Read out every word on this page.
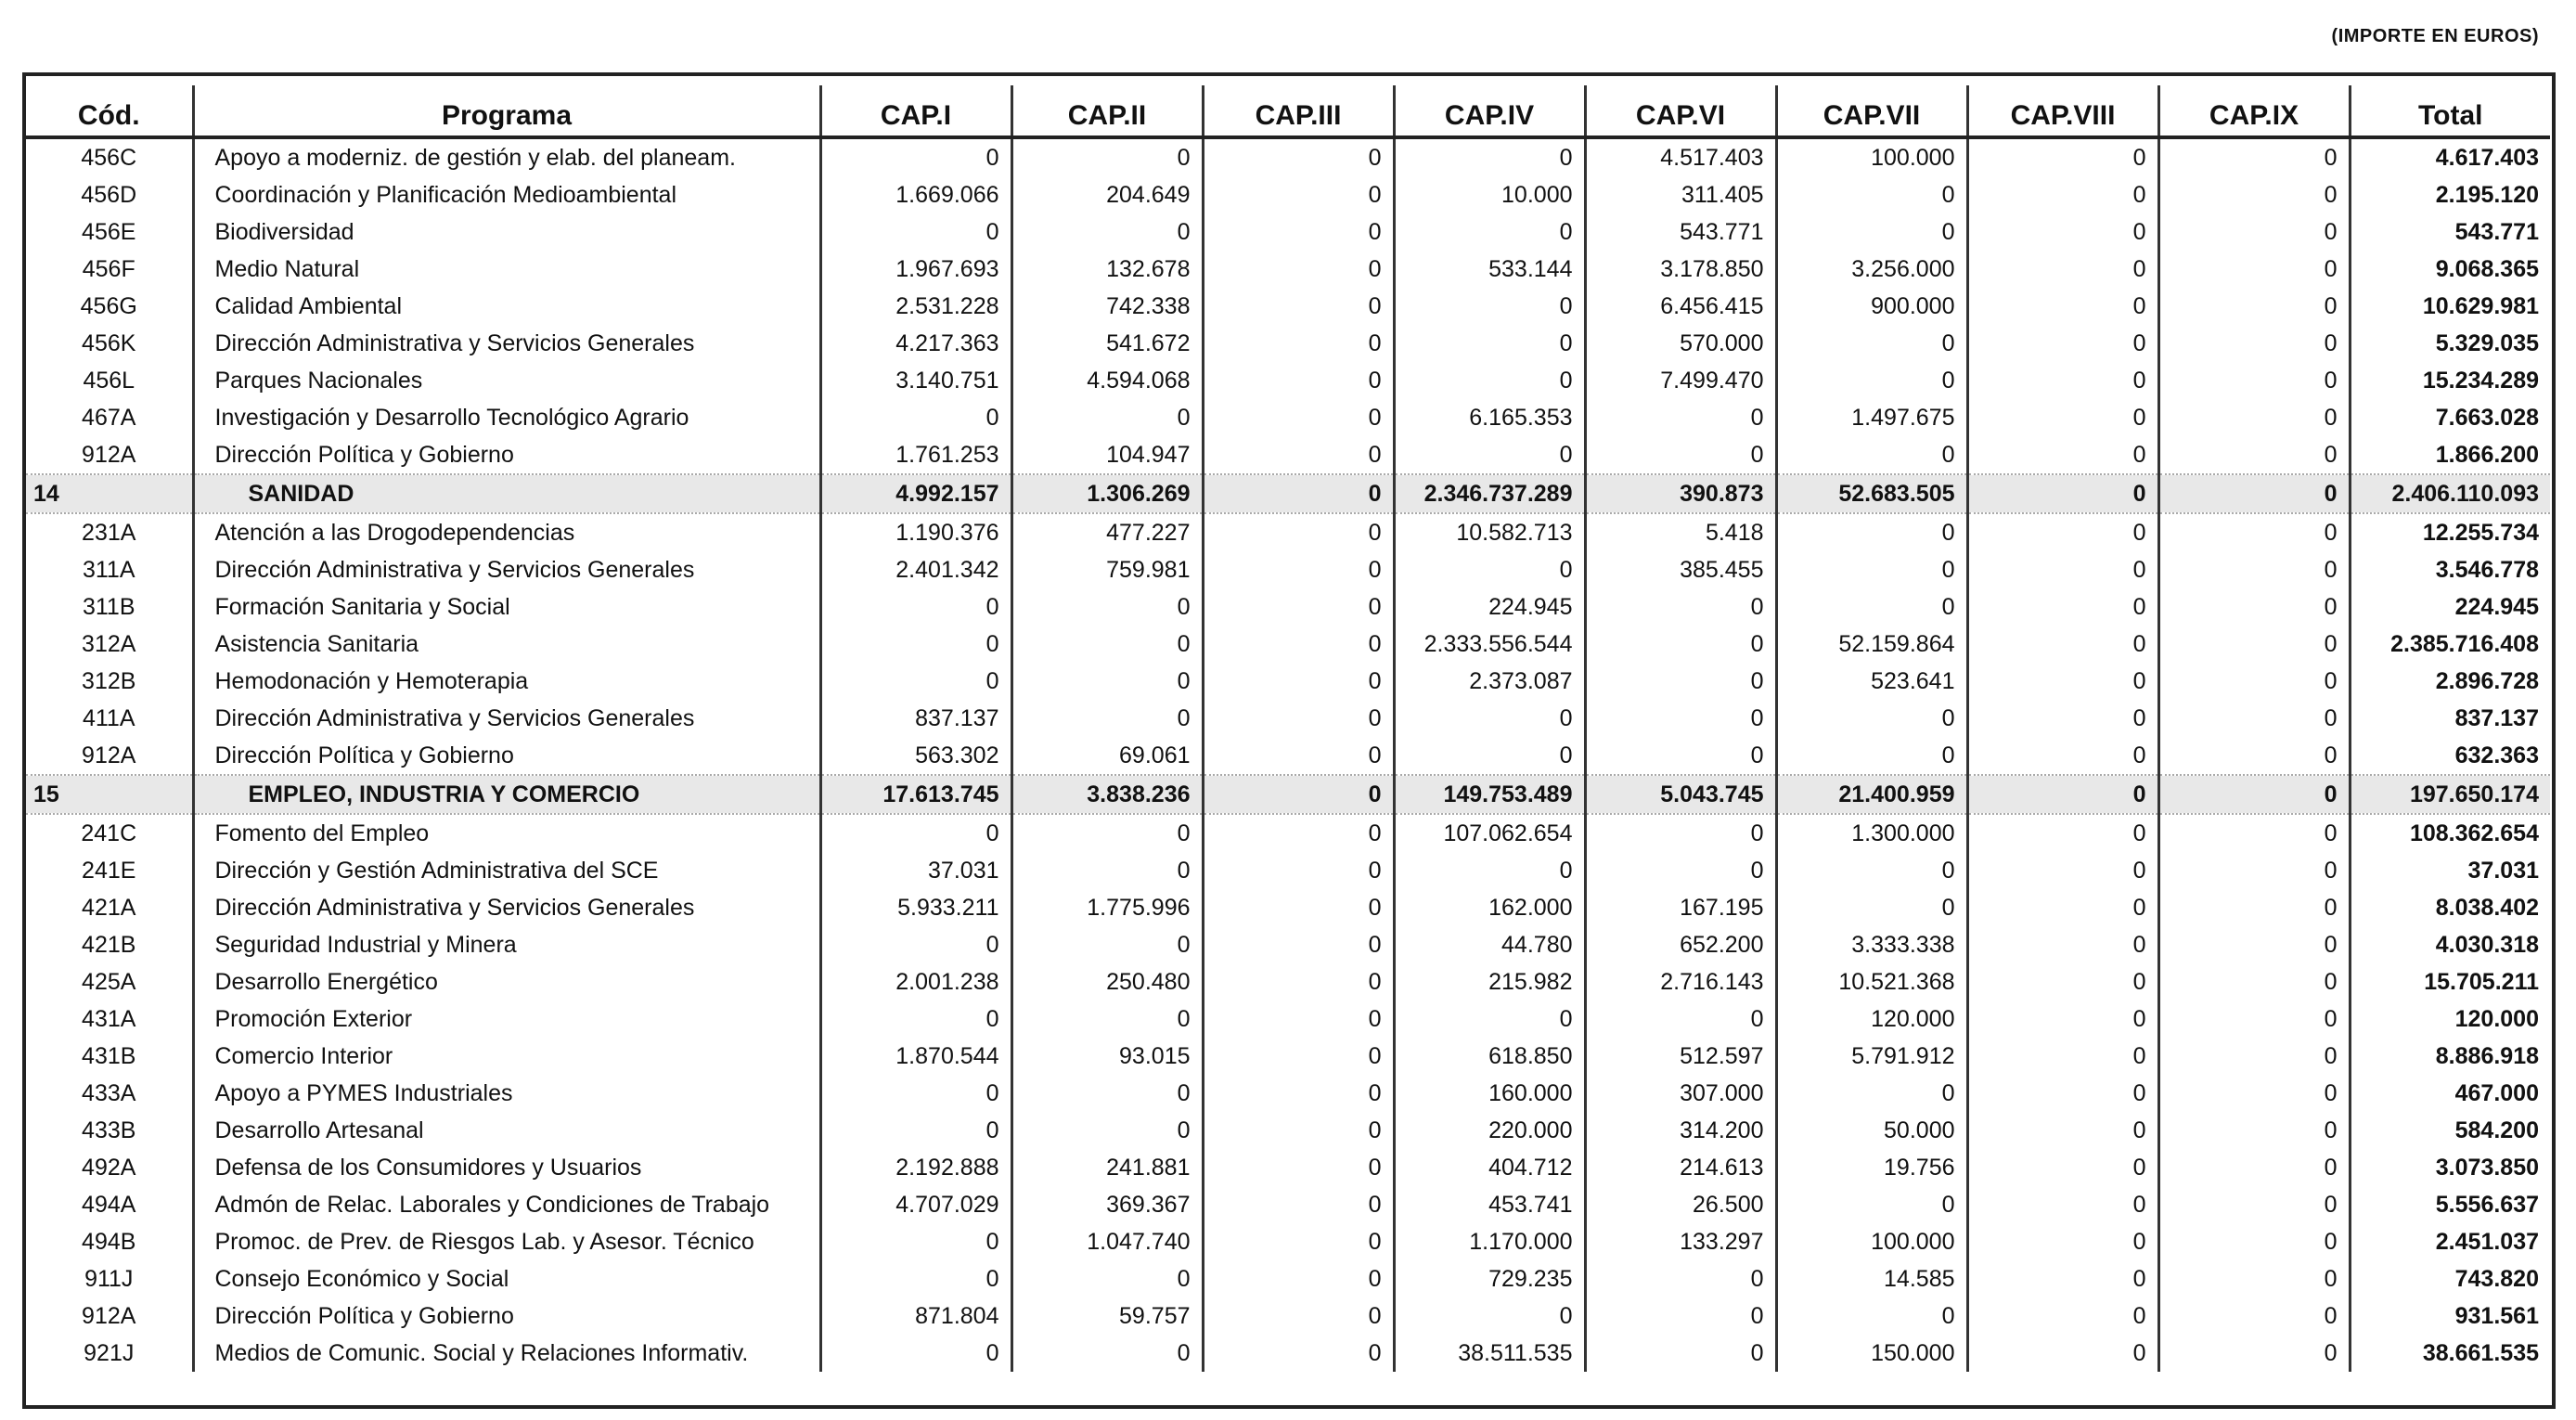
(IMPORTE EN EUROS)
Cód.	Programa	CAP.I	CAP.II	CAP.III	CAP.IV	CAP.VI	CAP.VII	CAP.VIII	CAP.IX	Total
456C	Apoyo a moderniz. de gestión y elab. del planeam.	0	0	0	0	4.517.403	100.000	0	0	4.617.403
456D	Coordinación y Planificación Medioambiental	1.669.066	204.649	0	10.000	311.405	0	0	0	2.195.120
456E	Biodiversidad	0	0	0	0	543.771	0	0	0	543.771
456F	Medio Natural	1.967.693	132.678	0	533.144	3.178.850	3.256.000	0	0	9.068.365
456G	Calidad Ambiental	2.531.228	742.338	0	0	6.456.415	900.000	0	0	10.629.981
456K	Dirección Administrativa y Servicios Generales	4.217.363	541.672	0	0	570.000	0	0	0	5.329.035
456L	Parques Nacionales	3.140.751	4.594.068	0	0	7.499.470	0	0	0	15.234.289
467A	Investigación y Desarrollo Tecnológico Agrario	0	0	0	6.165.353	0	1.497.675	0	0	7.663.028
912A	Dirección Política y Gobierno	1.761.253	104.947	0	0	0	0	0	0	1.866.200
14	SANIDAD	4.992.157	1.306.269	0	2.346.737.289	390.873	52.683.505	0	0	2.406.110.093
231A	Atención a las Drogodependencias	1.190.376	477.227	0	10.582.713	5.418	0	0	0	12.255.734
311A	Dirección Administrativa y Servicios Generales	2.401.342	759.981	0	0	385.455	0	0	0	3.546.778
311B	Formación Sanitaria y Social	0	0	0	224.945	0	0	0	0	224.945
312A	Asistencia Sanitaria	0	0	0	2.333.556.544	0	52.159.864	0	0	2.385.716.408
312B	Hemodonación y Hemoterapia	0	0	0	2.373.087	0	523.641	0	0	2.896.728
411A	Dirección Administrativa y Servicios Generales	837.137	0	0	0	0	0	0	0	837.137
912A	Dirección Política y Gobierno	563.302	69.061	0	0	0	0	0	0	632.363
15	EMPLEO, INDUSTRIA Y COMERCIO	17.613.745	3.838.236	0	149.753.489	5.043.745	21.400.959	0	0	197.650.174
241C	Fomento del Empleo	0	0	0	107.062.654	0	1.300.000	0	0	108.362.654
241E	Dirección y Gestión Administrativa del SCE	37.031	0	0	0	0	0	0	0	37.031
421A	Dirección Administrativa y Servicios Generales	5.933.211	1.775.996	0	162.000	167.195	0	0	0	8.038.402
421B	Seguridad Industrial y Minera	0	0	0	44.780	652.200	3.333.338	0	0	4.030.318
425A	Desarrollo Energético	2.001.238	250.480	0	215.982	2.716.143	10.521.368	0	0	15.705.211
431A	Promoción Exterior	0	0	0	0	0	120.000	0	0	120.000
431B	Comercio Interior	1.870.544	93.015	0	618.850	512.597	5.791.912	0	0	8.886.918
433A	Apoyo a PYMES Industriales	0	0	0	160.000	307.000	0	0	0	467.000
433B	Desarrollo Artesanal	0	0	0	220.000	314.200	50.000	0	0	584.200
492A	Defensa de los Consumidores y Usuarios	2.192.888	241.881	0	404.712	214.613	19.756	0	0	3.073.850
494A	Admón de Relac. Laborales y Condiciones de Trabajo	4.707.029	369.367	0	453.741	26.500	0	0	0	5.556.637
494B	Promoc. de Prev. de Riesgos Lab. y Asesor. Técnico	0	1.047.740	0	1.170.000	133.297	100.000	0	0	2.451.037
911J	Consejo Económico y Social	0	0	0	729.235	0	14.585	0	0	743.820
912A	Dirección Política y Gobierno	871.804	59.757	0	0	0	0	0	0	931.561
921J	Medios de Comunic. Social y Relaciones Informativ.	0	0	0	38.511.535	0	150.000	0	0	38.661.535
